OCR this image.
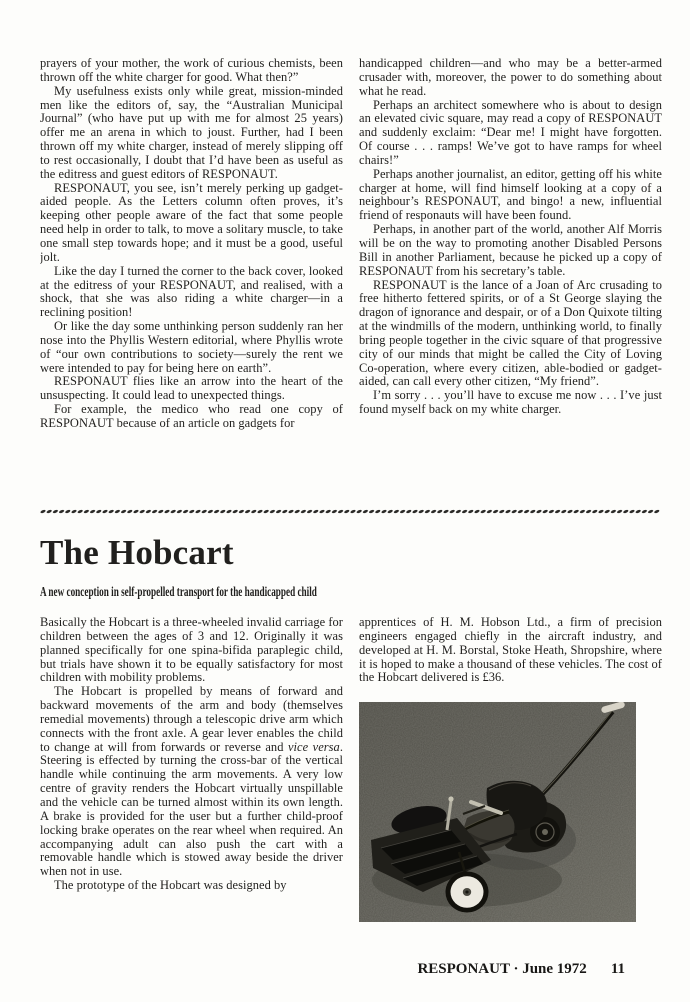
prayers of your mother, the work of curious chemists, been thrown off the white charger for good. What then?”

My usefulness exists only while great, mission-minded men like the editors of, say, the “Australian Municipal Journal” (who have put up with me for almost 25 years) offer me an arena in which to joust. Further, had I been thrown off my white charger, instead of merely slipping off to rest occasionally, I doubt that I’d have been as useful as the editress and guest editors of RESPONAUT.

RESPONAUT, you see, isn’t merely perking up gadget-aided people. As the Letters column often proves, it’s keeping other people aware of the fact that some people need help in order to talk, to move a solitary muscle, to take one small step towards hope; and it must be a good, useful jolt.

Like the day I turned the corner to the back cover, looked at the editress of your RESPONAUT, and realised, with a shock, that she was also riding a white charger—in a reclining position!

Or like the day some unthinking person suddenly ran her nose into the Phyllis Western editorial, where Phyllis wrote of “our own contributions to society—surely the rent we were intended to pay for being here on earth”.

RESPONAUT flies like an arrow into the heart of the unsuspecting. It could lead to unexpected things.

For example, the medico who read one copy of RESPONAUT because of an article on gadgets for

handicapped children—and who may be a better-armed crusader with, moreover, the power to do something about what he read.

Perhaps an architect somewhere who is about to design an elevated civic square, may read a copy of RESPONAUT and suddenly exclaim: “Dear me! I might have forgotten. Of course . . . ramps! We’ve got to have ramps for wheel chairs!”

Perhaps another journalist, an editor, getting off his white charger at home, will find himself looking at a copy of a neighbour’s RESPONAUT, and bingo! a new, influential friend of responauts will have been found.

Perhaps, in another part of the world, another Alf Morris will be on the way to promoting another Disabled Persons Bill in another Parliament, because he picked up a copy of RESPONAUT from his secretary’s table.

RESPONAUT is the lance of a Joan of Arc crusading to free hitherto fettered spirits, or of a St George slaying the dragon of ignorance and despair, or of a Don Quixote tilting at the windmills of the modern, unthinking world, to finally bring people together in the civic square of that progressive city of our minds that might be called the City of Loving Co-operation, where every citizen, able-bodied or gadget-aided, can call every other citizen, “My friend”.

I’m sorry . . . you’ll have to excuse me now . . . I’ve just found myself back on my white charger.

The Hobcart
A new conception in self-propelled transport for the handicapped child

Basically the Hobcart is a three-wheeled invalid carriage for children between the ages of 3 and 12. Originally it was planned specifically for one spina-bifida paraplegic child, but trials have shown it to be equally satisfactory for most children with mobility problems.

The Hobcart is propelled by means of forward and backward movements of the arm and body (themselves remedial movements) through a telescopic drive arm which connects with the front axle. A gear lever enables the child to change at will from forwards or reverse and vice versa. Steering is effected by turning the cross-bar of the vertical handle while continuing the arm movements. A very low centre of gravity renders the Hobcart virtually unspillable and the vehicle can be turned almost within its own length. A brake is provided for the user but a further child-proof locking brake operates on the rear wheel when required. An accompanying adult can also push the cart with a removable handle which is stowed away beside the driver when not in use.

The prototype of the Hobcart was designed by

apprentices of H. M. Hobson Ltd., a firm of precision engineers engaged chiefly in the aircraft industry, and developed at H. M. Borstal, Stoke Heath, Shropshire, where it is hoped to make a thousand of these vehicles. The cost of the Hobcart delivered is £36.

RESPONAUT · June 1972 11
